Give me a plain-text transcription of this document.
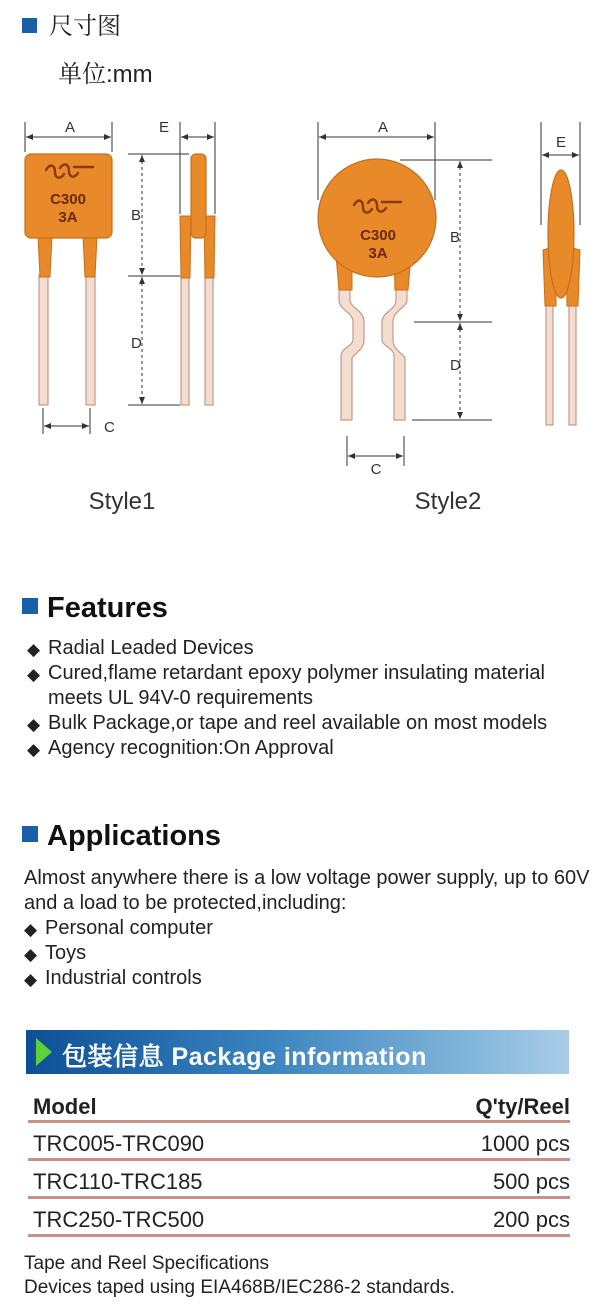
尺寸图
单位:mm
C300
3A
A
C
B
D
E
C300
3A
A
B
D
C
E
Style1	Style2
Features
◆ Radial Leaded Devices
◆ Cured,flame retardant epoxy polymer insulating material meets UL 94V-0 requirements
◆ Bulk Package,or tape and reel available on most models
◆ Agency recognition:On Approval
Applications
Almost anywhere there is a low voltage power supply, up to 60V and a load to be protected,including:
◆ Personal computer
◆ Toys
◆ Industrial controls
包装信息 Package information
Model	Q'ty/Reel
TRC005-TRC090	1000 pcs
TRC110-TRC185	500 pcs
TRC250-TRC500	200 pcs
Tape and Reel Specifications
Devices taped using EIA468B/IEC286-2 standards.
